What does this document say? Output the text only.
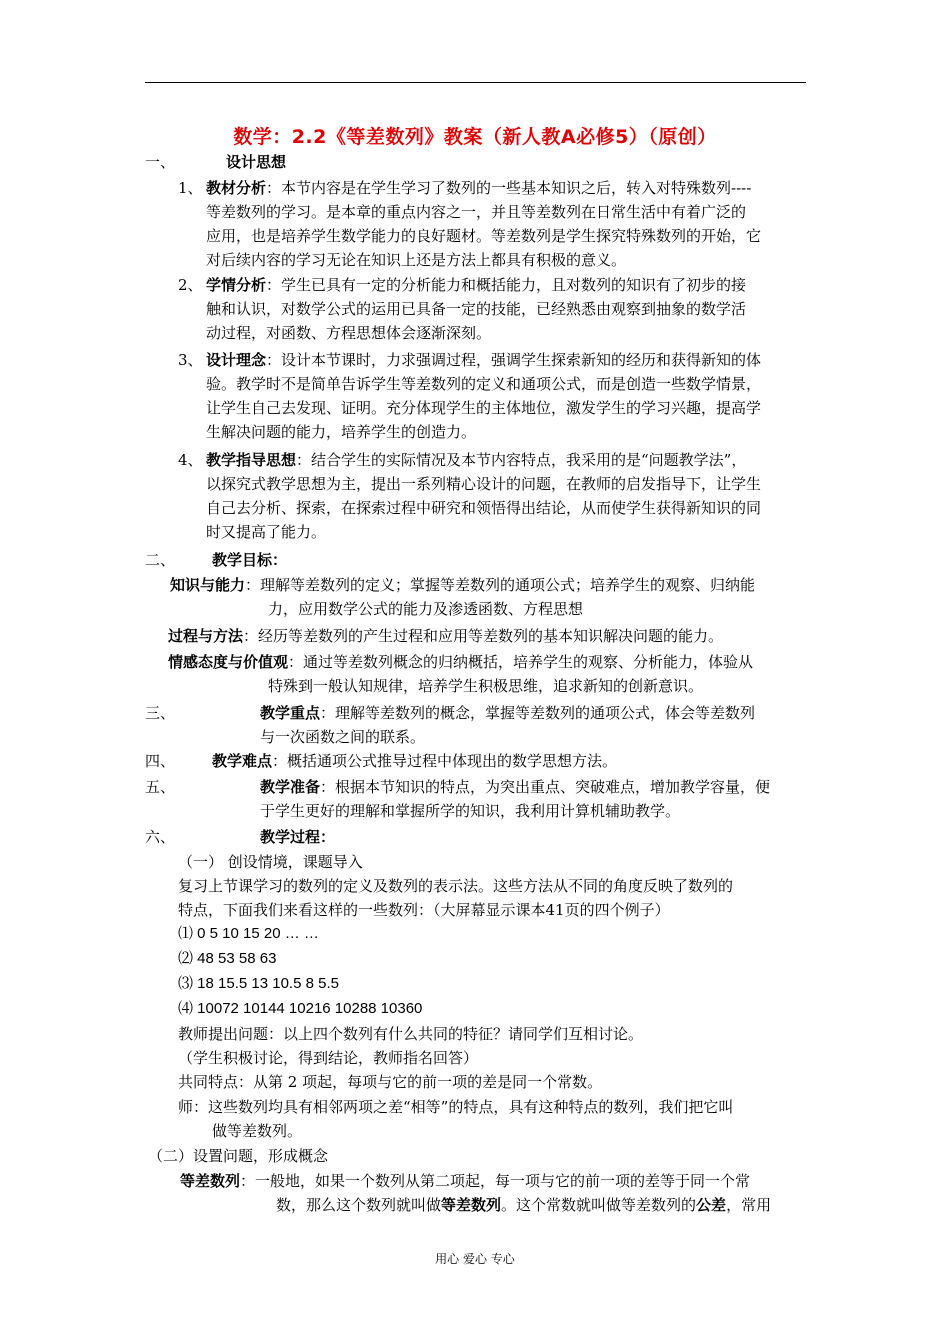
数学：2.2《等差数列》教案（新人教A必修5）（原创）
一、	设计思想
1、 教材分析：本节内容是在学生学习了数列的一些基本知识之后，转入对特殊数列----
等差数列的学习。是本章的重点内容之一，并且等差数列在日常生活中有着广泛的
应用，也是培养学生数学能力的良好题材。等差数列是学生探究特殊数列的开始，它
对后续内容的学习无论在知识上还是方法上都具有积极的意义。
2、 学情分析：学生已具有一定的分析能力和概括能力，且对数列的知识有了初步的接
触和认识，对数学公式的运用已具备一定的技能，已经熟悉由观察到抽象的数学活
动过程，对函数、方程思想体会逐渐深刻。
3、 设计理念：设计本节课时，力求强调过程，强调学生探索新知的经历和获得新知的体
验。教学时不是简单告诉学生等差数列的定义和通项公式，而是创造一些数学情景，
让学生自己去发现、证明。充分体现学生的主体地位，激发学生的学习兴趣，提高学
生解决问题的能力，培养学生的创造力。
4、 教学指导思想：结合学生的实际情况及本节内容特点，我采用的是“问题教学法”，
以探究式教学思想为主，提出一系列精心设计的问题，在教师的启发指导下，让学生
自己去分析、探索，在探索过程中研究和领悟得出结论，从而使学生获得新知识的同
时又提高了能力。
二、 教学目标：
知识与能力：理解等差数列的定义；掌握等差数列的通项公式；培养学生的观察、归纳能
力，应用数学公式的能力及渗透函数、方程思想
过程与方法：经历等差数列的产生过程和应用等差数列的基本知识解决问题的能力。
情感态度与价值观：通过等差数列概念的归纳概括，培养学生的观察、分析能力，体验从
特殊到一般认知规律，培养学生积极思维，追求新知的创新意识。
三、	教学重点：理解等差数列的概念，掌握等差数列的通项公式，体会等差数列
与一次函数之间的联系。
四、 教学难点：概括通项公式推导过程中体现出的数学思想方法。
五、	教学准备：根据本节知识的特点，为突出重点、突破难点，增加教学容量，便
于学生更好的理解和掌握所学的知识，我利用计算机辅助教学。
六、	教学过程：
（一） 创设情境，课题导入
复习上节课学习的数列的定义及数列的表示法。这些方法从不同的角度反映了数列的
特点，下面我们来看这样的一些数列：（大屏幕显示课本41页的四个例子）
⑴ 0 5 10 15 20 … …
⑵ 48 53 58 63
⑶ 18 15.5 13 10.5 8 5.5
⑷ 10072 10144 10216 10288 10360
教师提出问题：以上四个数列有什么共同的特征？请同学们互相讨论。
（学生积极讨论，得到结论，教师指名回答）
共同特点：从第 2 项起，每项与它的前一项的差是同一个常数。
师：这些数列均具有相邻两项之差“相等”的特点，具有这种特点的数列，我们把它叫
做等差数列。
（二）设置问题，形成概念
等差数列：一般地，如果一个数列从第二项起，每一项与它的前一项的差等于同一个常
数，那么这个数列就叫做等差数列。这个常数就叫做等差数列的公差，常用
用心 爱心 专心
